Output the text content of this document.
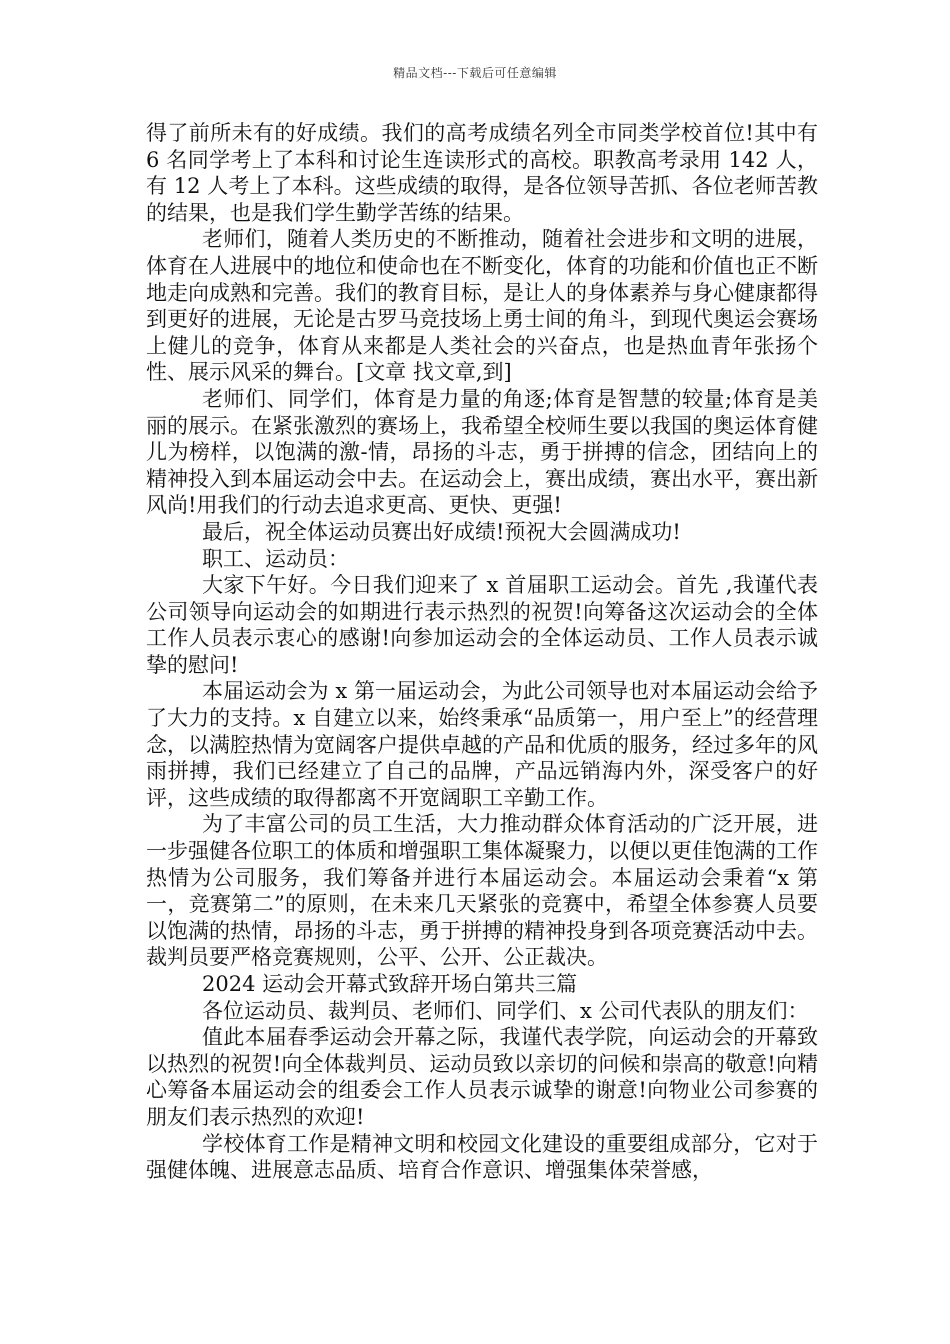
精品文档---下载后可任意编辑

得了前所未有的好成绩。我们的高考成绩名列全市同类学校首位!其中有 6 名同学考上了本科和讨论生连读形式的高校。职教高考录用 142 人，有 12 人考上了本科。这些成绩的取得，是各位领导苦抓、各位老师苦教的结果，也是我们学生勤学苦练的结果。

老师们，随着人类历史的不断推动，随着社会进步和文明的进展，体育在人进展中的地位和使命也在不断变化，体育的功能和价值也正不断地走向成熟和完善。我们的教育目标，是让人的身体素养与身心健康都得到更好的进展，无论是古罗马竞技场上勇士间的角斗，到现代奥运会赛场上健儿的竞争，体育从来都是人类社会的兴奋点，也是热血青年张扬个性、展示风采的舞台。[文章 找文章,到]

老师们、同学们，体育是力量的角逐;体育是智慧的较量;体育是美丽的展示。在紧张激烈的赛场上，我希望全校师生要以我国的奥运体育健儿为榜样，以饱满的激-情，昂扬的斗志，勇于拼搏的信念，团结向上的精神投入到本届运动会中去。在运动会上，赛出成绩，赛出水平，赛出新风尚!用我们的行动去追求更高、更快、更强!

最后，祝全体运动员赛出好成绩!预祝大会圆满成功!

职工、运动员：

大家下午好。今日我们迎来了 x 首届职工运动会。首先 ,我谨代表公司领导向运动会的如期进行表示热烈的祝贺!向筹备这次运动会的全体工作人员表示衷心的感谢!向参加运动会的全体运动员、工作人员表示诚挚的慰问!

本届运动会为 x 第一届运动会，为此公司领导也对本届运动会给予了大力的支持。x 自建立以来，始终秉承“品质第一，用户至上”的经营理念，以满腔热情为宽阔客户提供卓越的产品和优质的服务，经过多年的风雨拼搏，我们已经建立了自己的品牌，产品远销海内外，深受客户的好评，这些成绩的取得都离不开宽阔职工辛勤工作。

为了丰富公司的员工生活，大力推动群众体育活动的广泛开展，进一步强健各位职工的体质和增强职工集体凝聚力，以便以更佳饱满的工作热情为公司服务，我们筹备并进行本届运动会。本届运动会秉着“x 第一，竞赛第二”的原则，在未来几天紧张的竞赛中，希望全体参赛人员要以饱满的热情，昂扬的斗志，勇于拼搏的精神投身到各项竞赛活动中去。裁判员要严格竞赛规则，公平、公开、公正裁决。

2024 运动会开幕式致辞开场白第共三篇

各位运动员、裁判员、老师们、同学们、x 公司代表队的朋友们：

值此本届春季运动会开幕之际，我谨代表学院，向运动会的开幕致以热烈的祝贺!向全体裁判员、运动员致以亲切的问候和崇高的敬意!向精心筹备本届运动会的组委会工作人员表示诚挚的谢意!向物业公司参赛的朋友们表示热烈的欢迎!

学校体育工作是精神文明和校园文化建设的重要组成部分，它对于强健体魄、进展意志品质、培育合作意识、增强集体荣誉感，
